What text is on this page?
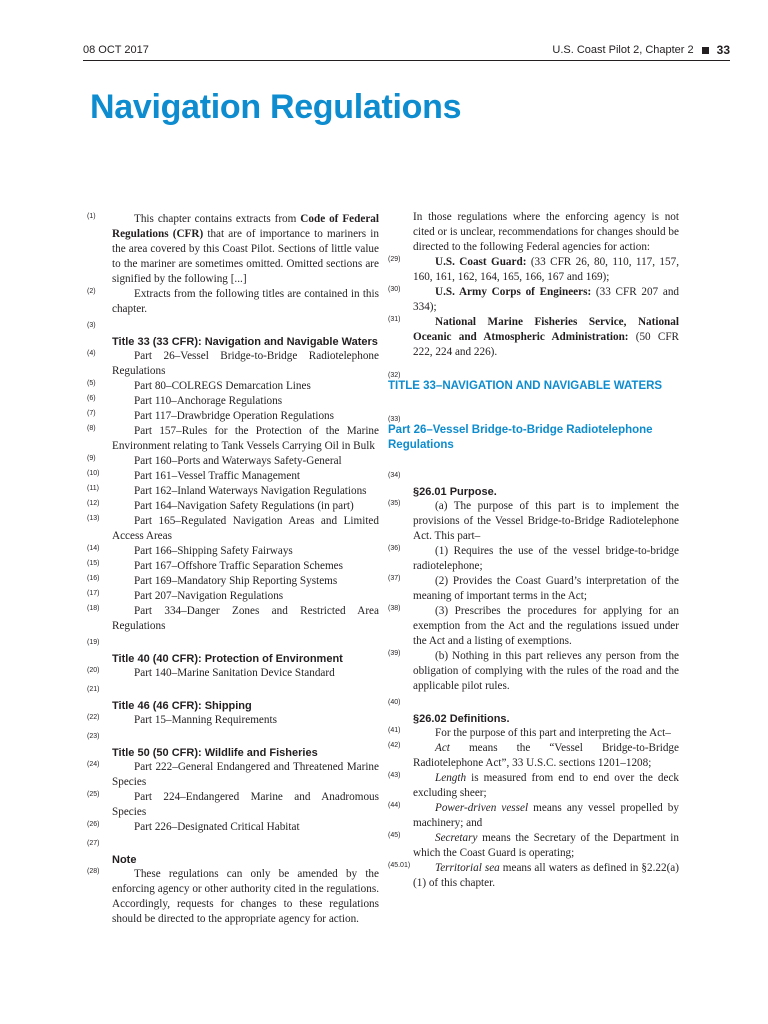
08 OCT 2017	U.S. Coast Pilot 2, Chapter 2 33
Navigation Regulations
(1)	This chapter contains extracts from Code of Federal Regulations (CFR) that are of importance to mariners in the area covered by this Coast Pilot. Sections of little value to the mariner are sometimes omitted. Omitted sections are signified by the following [...]
(2)	Extracts from the following titles are contained in this chapter.
(3)
Title 33 (33 CFR): Navigation and Navigable Waters
(4)	Part 26–Vessel Bridge-to-Bridge Radiotelephone Regulations
(5)	Part 80–COLREGS Demarcation Lines
(6)	Part 110–Anchorage Regulations
(7)	Part 117–Drawbridge Operation Regulations
(8)	Part 157–Rules for the Protection of the Marine Environment relating to Tank Vessels Carrying Oil in Bulk
(9)	Part 160–Ports and Waterways Safety-General
(10)	Part 161–Vessel Traffic Management
(11)	Part 162–Inland Waterways Navigation Regulations
(12)	Part 164–Navigation Safety Regulations (in part)
(13)	Part 165–Regulated Navigation Areas and Limited Access Areas
(14)	Part 166–Shipping Safety Fairways
(15)	Part 167–Offshore Traffic Separation Schemes
(16)	Part 169–Mandatory Ship Reporting Systems
(17)	Part 207–Navigation Regulations
(18)	Part 334–Danger Zones and Restricted Area Regulations
(19)
Title 40 (40 CFR): Protection of Environment
(20)	Part 140–Marine Sanitation Device Standard
(21)
Title 46 (46 CFR): Shipping
(22)	Part 15–Manning Requirements
(23)
Title 50 (50 CFR): Wildlife and Fisheries
(24)	Part 222–General Endangered and Threatened Marine Species
(25)	Part 224–Endangered Marine and Anadromous Species
(26)	Part 226–Designated Critical Habitat
(27)
Note
(28)	These regulations can only be amended by the enforcing agency or other authority cited in the regulations. Accordingly, requests for changes to these regulations should be directed to the appropriate agency for action.
In those regulations where the enforcing agency is not cited or is unclear, recommendations for changes should be directed to the following Federal agencies for action:
(29)	U.S. Coast Guard: (33 CFR 26, 80, 110, 117, 157, 160, 161, 162, 164, 165, 166, 167 and 169);
(30)	U.S. Army Corps of Engineers: (33 CFR 207 and 334);
(31)	National Marine Fisheries Service, National Oceanic and Atmospheric Administration: (50 CFR 222, 224 and 226).
(32)
TITLE 33–NAVIGATION AND NAVIGABLE WATERS
(33)
Part 26–Vessel Bridge-to-Bridge Radiotelephone Regulations
(34)
§26.01 Purpose.
(35)	(a) The purpose of this part is to implement the provisions of the Vessel Bridge-to-Bridge Radiotelephone Act. This part–
(36)	(1) Requires the use of the vessel bridge-to-bridge radiotelephone;
(37)	(2) Provides the Coast Guard’s interpretation of the meaning of important terms in the Act;
(38)	(3) Prescribes the procedures for applying for an exemption from the Act and the regulations issued under the Act and a listing of exemptions.
(39)	(b) Nothing in this part relieves any person from the obligation of complying with the rules of the road and the applicable pilot rules.
(40)
§26.02 Definitions.
(41)	For the purpose of this part and interpreting the Act–
(42)	Act means the “Vessel Bridge-to-Bridge Radiotelephone Act”, 33 U.S.C. sections 1201–1208;
(43)	Length is measured from end to end over the deck excluding sheer;
(44)	Power-driven vessel means any vessel propelled by machinery; and
(45)	Secretary means the Secretary of the Department in which the Coast Guard is operating;
(45.01)	Territorial sea means all waters as defined in §2.22(a) (1) of this chapter.
